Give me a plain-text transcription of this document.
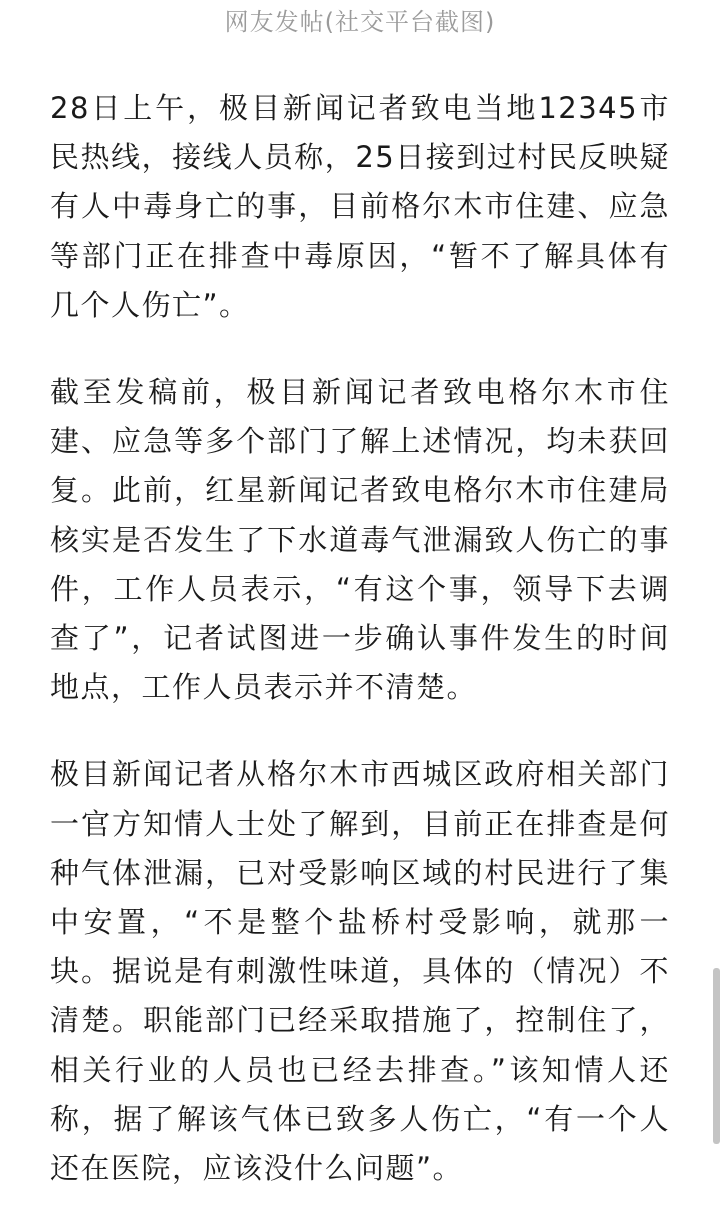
网友发帖(社交平台截图)

28日上午，极目新闻记者致电当地12345市民热线，接线人员称，25日接到过村民反映疑有人中毒身亡的事，目前格尔木市住建、应急等部门正在排查中毒原因，“暂不了解具体有几个人伤亡”。

截至发稿前，极目新闻记者致电格尔木市住建、应急等多个部门了解上述情况，均未获回复。此前，红星新闻记者致电格尔木市住建局核实是否发生了下水道毒气泄漏致人伤亡的事件，工作人员表示，“有这个事，领导下去调查了”，记者试图进一步确认事件发生的时间地点，工作人员表示并不清楚。

极目新闻记者从格尔木市西城区政府相关部门一官方知情人士处了解到，目前正在排查是何种气体泄漏，已对受影响区域的村民进行了集中安置，“不是整个盐桥村受影响，就那一块。据说是有刺激性味道，具体的（情况）不清楚。职能部门已经采取措施了，控制住了，相关行业的人员也已经去排查。”该知情人还称，据了解该气体已致多人伤亡，“有一个人还在医院，应该没什么问题”。
